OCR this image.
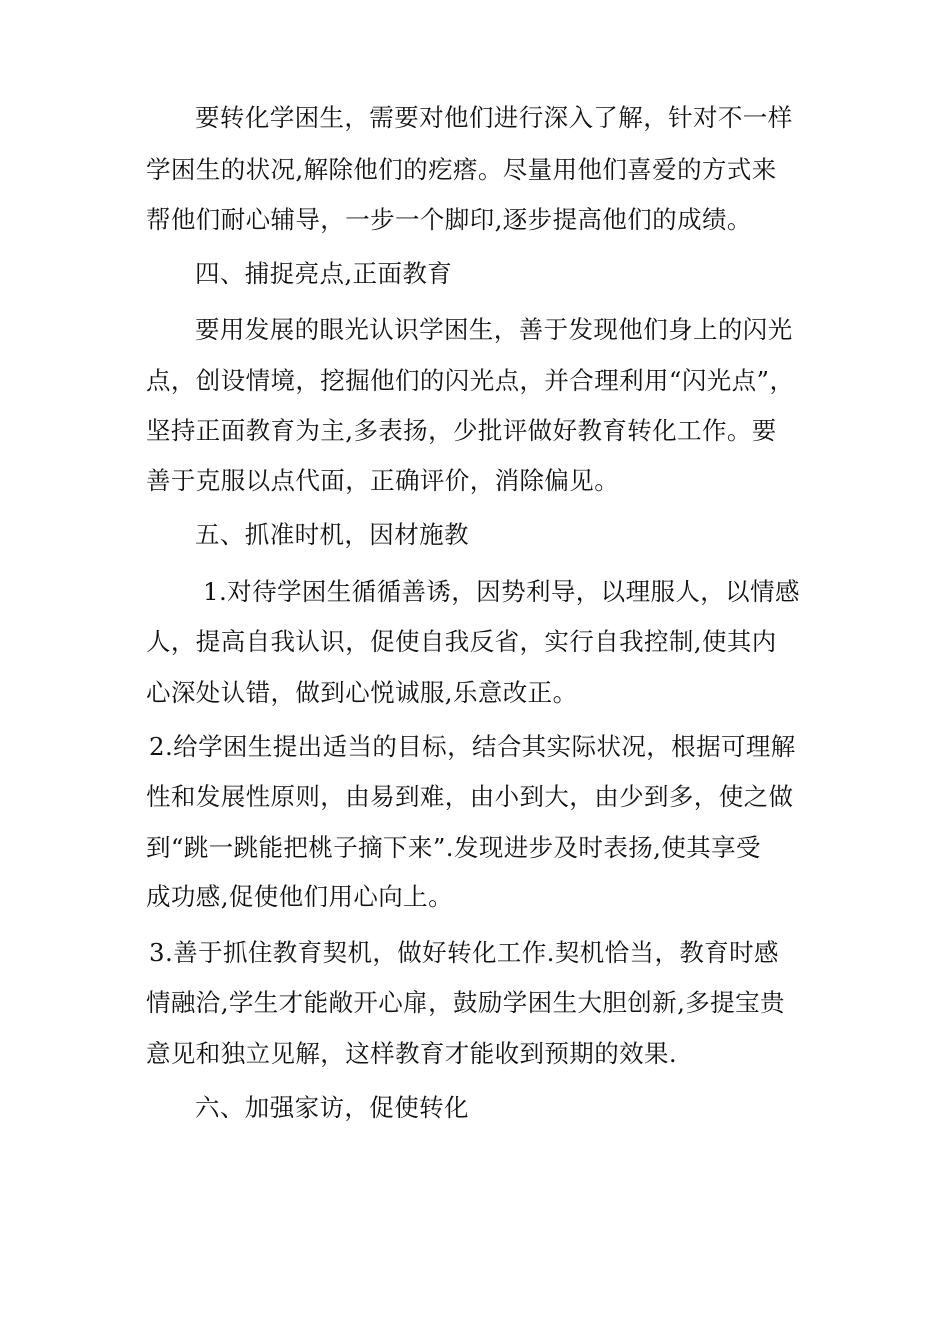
要转化学困生，需要对他们进行深入了解，针对不一样
学困生的状况,解除他们的疙瘩。尽量用他们喜爱的方式来
帮他们耐心辅导，一步一个脚印,逐步提高他们的成绩。
四、捕捉亮点,正面教育
要用发展的眼光认识学困生，善于发现他们身上的闪光
点，创设情境，挖掘他们的闪光点，并合理利用“闪光点”，
坚持正面教育为主,多表扬，少批评做好教育转化工作。要
善于克服以点代面，正确评价，消除偏见。
五、抓准时机，因材施教
1.对待学困生循循善诱，因势利导，以理服人，以情感
人，提高自我认识，促使自我反省，实行自我控制,使其内
心深处认错，做到心悦诚服,乐意改正。
2.给学困生提出适当的目标，结合其实际状况，根据可理解
性和发展性原则，由易到难，由小到大，由少到多，使之做
到“跳一跳能把桃子摘下来”.发现进步及时表扬,使其享受
成功感,促使他们用心向上。
3.善于抓住教育契机，做好转化工作.契机恰当，教育时感
情融洽,学生才能敞开心扉，鼓励学困生大胆创新,多提宝贵
意见和独立见解，这样教育才能收到预期的效果.
六、加强家访，促使转化
